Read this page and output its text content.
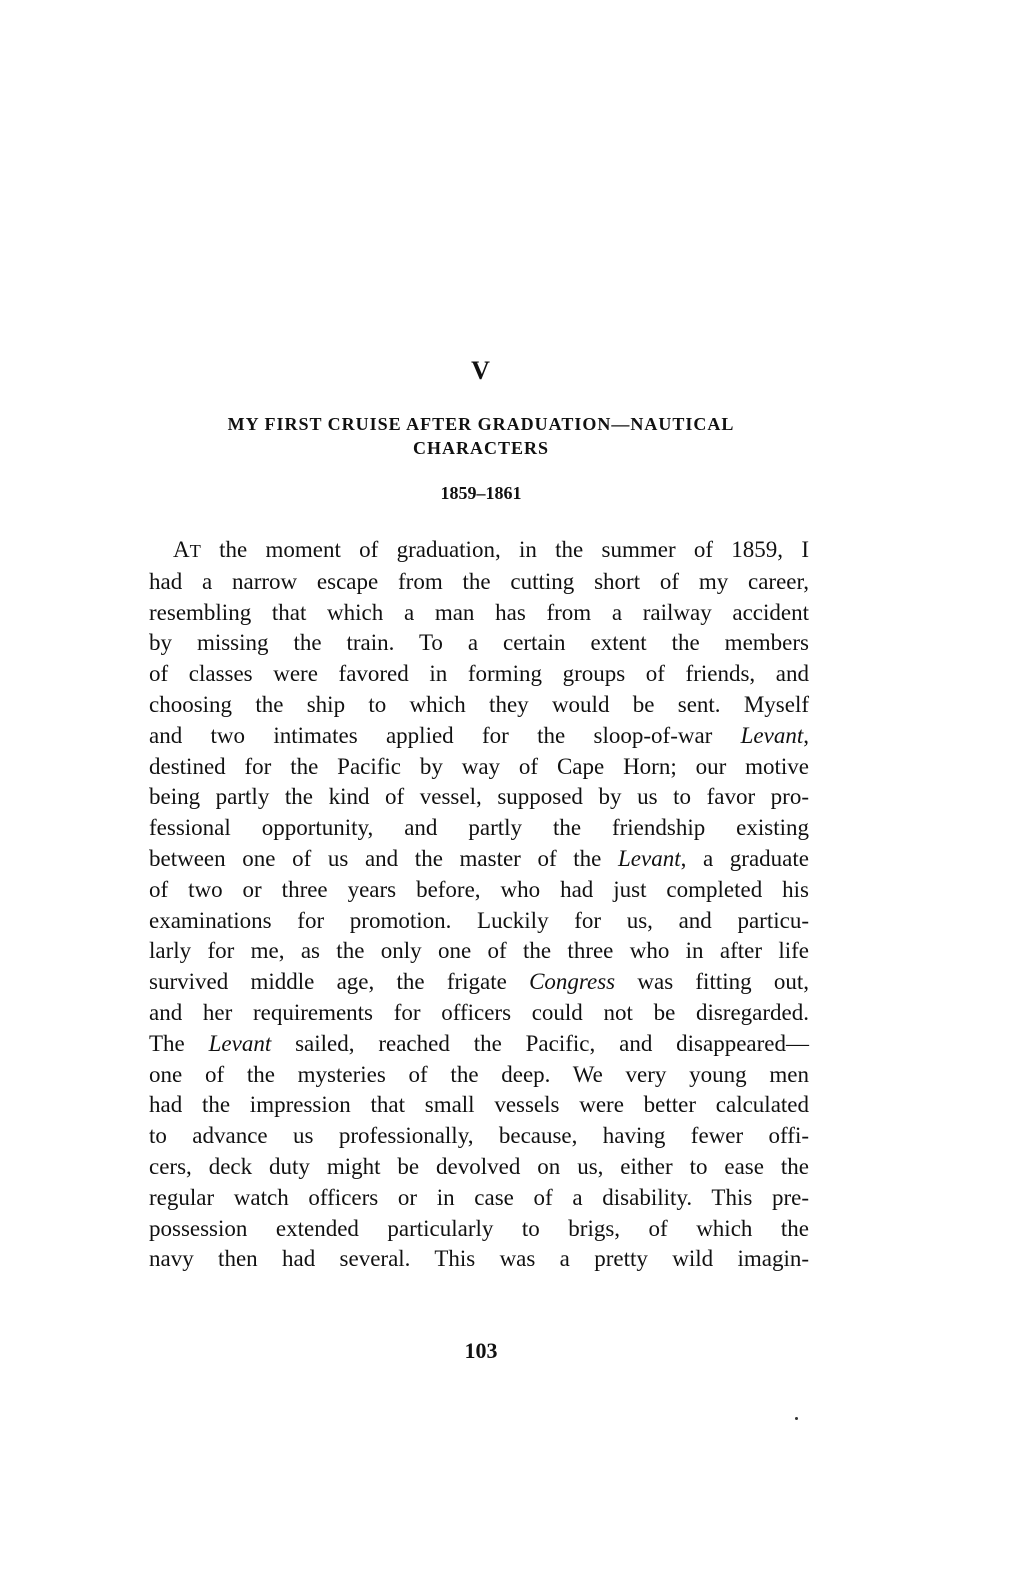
V
MY FIRST CRUISE AFTER GRADUATION—NAUTICAL
CHARACTERS
1859–1861
AT the moment of graduation, in the summer of 1859, I
had a narrow escape from the cutting short of my career,
resembling that which a man has from a railway accident
by missing the train. To a certain extent the members
of classes were favored in forming groups of friends, and
choosing the ship to which they would be sent. Myself
and two intimates applied for the sloop-of-war Levant,
destined for the Pacific by way of Cape Horn; our motive
being partly the kind of vessel, supposed by us to favor pro-
fessional opportunity, and partly the friendship existing
between one of us and the master of the Levant, a graduate
of two or three years before, who had just completed his
examinations for promotion. Luckily for us, and particu-
larly for me, as the only one of the three who in after life
survived middle age, the frigate Congress was fitting out,
and her requirements for officers could not be disregarded.
The Levant sailed, reached the Pacific, and disappeared—
one of the mysteries of the deep. We very young men
had the impression that small vessels were better calculated
to advance us professionally, because, having fewer offi-
cers, deck duty might be devolved on us, either to ease the
regular watch officers or in case of a disability. This pre-
possession extended particularly to brigs, of which the
navy then had several. This was a pretty wild imagin-
103
